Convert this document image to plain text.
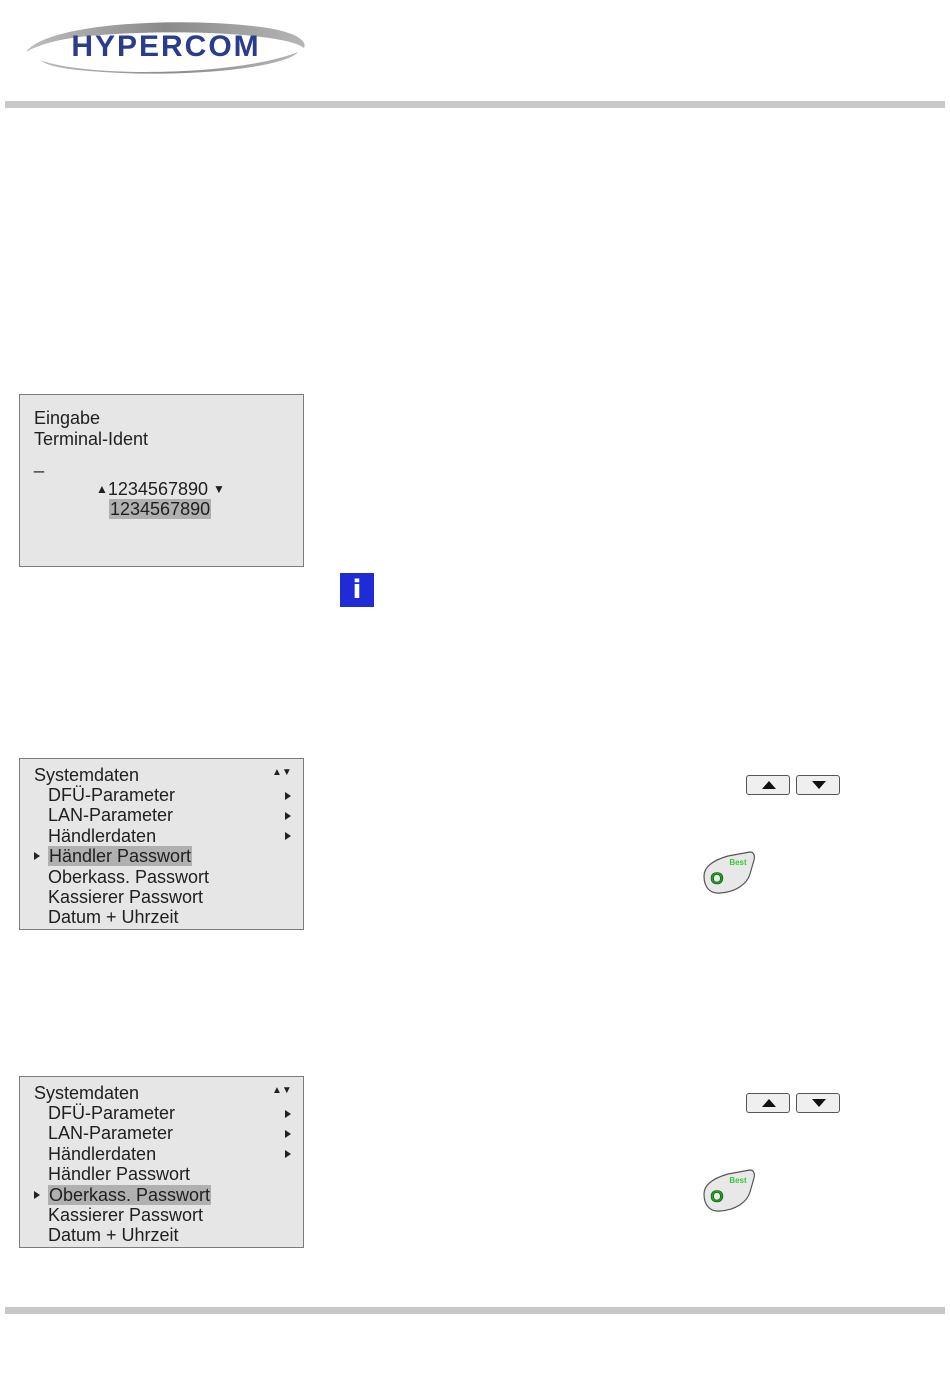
HYPERCOM
Eingabe
Terminal-Ident
_
▲1234567890 ▼
1234567890
i
Systemdaten	▲▼
DFÜ-Parameter
LAN-Parameter
Händlerdaten
Händler Passwort
Oberkass. Passwort
Kassierer Passwort
Datum + Uhrzeit
Best
O
Systemdaten	▲▼
DFÜ-Parameter
LAN-Parameter
Händlerdaten
Händler Passwort
Oberkass. Passwort
Kassierer Passwort
Datum + Uhrzeit
Best
O
